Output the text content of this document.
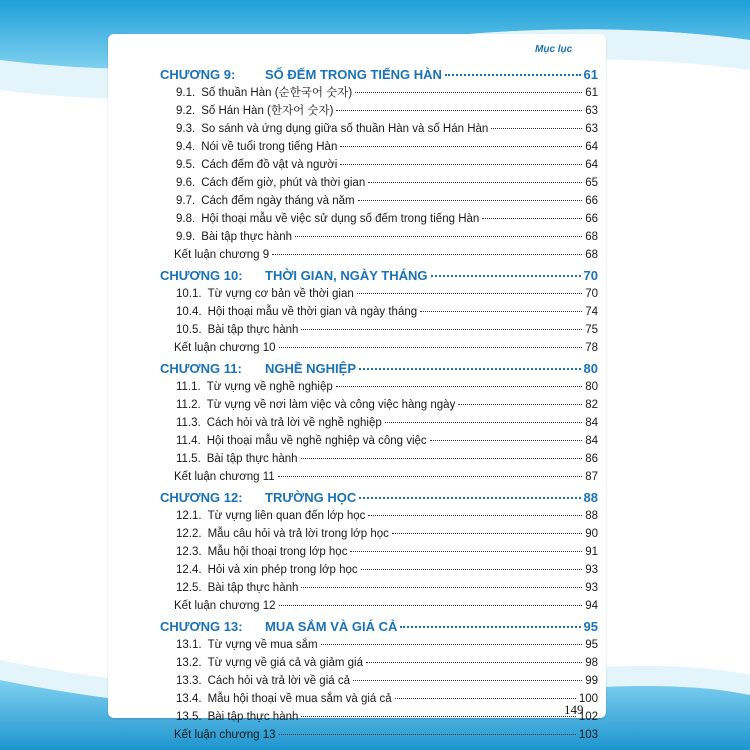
Mục lục
CHƯƠNG 9:	SỐ ĐẾM TRONG TIẾNG HÀN	61
9.1. Số thuần Hàn (순한국어 숫자)	61
9.2. Số Hán Hàn (한자어 숫자)	63
9.3. So sánh và ứng dụng giữa số thuần Hàn và số Hán Hàn	63
9.4. Nói về tuổi trong tiếng Hàn	64
9.5. Cách đếm đồ vật và người	64
9.6. Cách đếm giờ, phút và thời gian	65
9.7. Cách đếm ngày tháng và năm	66
9.8. Hội thoại mẫu về việc sử dụng số đếm trong tiếng Hàn	66
9.9. Bài tập thực hành	68
Kết luận chương 9	68
CHƯƠNG 10:	THỜI GIAN, NGÀY THÁNG	70
10.1. Từ vựng cơ bản về thời gian	70
10.4. Hội thoại mẫu về thời gian và ngày tháng	74
10.5. Bài tập thực hành	75
Kết luận chương 10	78
CHƯƠNG 11:	NGHỀ NGHIỆP	80
11.1. Từ vựng về nghề nghiệp	80
11.2. Từ vựng về nơi làm việc và công việc hàng ngày	82
11.3. Cách hỏi và trả lời về nghề nghiệp	84
11.4. Hội thoại mẫu về nghề nghiệp và công việc	84
11.5. Bài tập thực hành	86
Kết luận chương 11	87
CHƯƠNG 12:	TRƯỜNG HỌC	88
12.1. Từ vựng liên quan đến lớp học	88
12.2. Mẫu câu hỏi và trả lời trong lớp học	90
12.3. Mẫu hội thoại trong lớp học	91
12.4. Hỏi và xin phép trong lớp học	93
12.5. Bài tập thực hành	93
Kết luận chương 12	94
CHƯƠNG 13:	MUA SẮM VÀ GIÁ CẢ	95
13.1. Từ vựng về mua sắm	95
13.2. Từ vựng về giá cả và giảm giá	98
13.3. Cách hỏi và trả lời về giá cả	99
13.4. Mẫu hội thoại về mua sắm và giá cả	100
13.5. Bài tập thực hành	102
Kết luận chương 13	103
149
